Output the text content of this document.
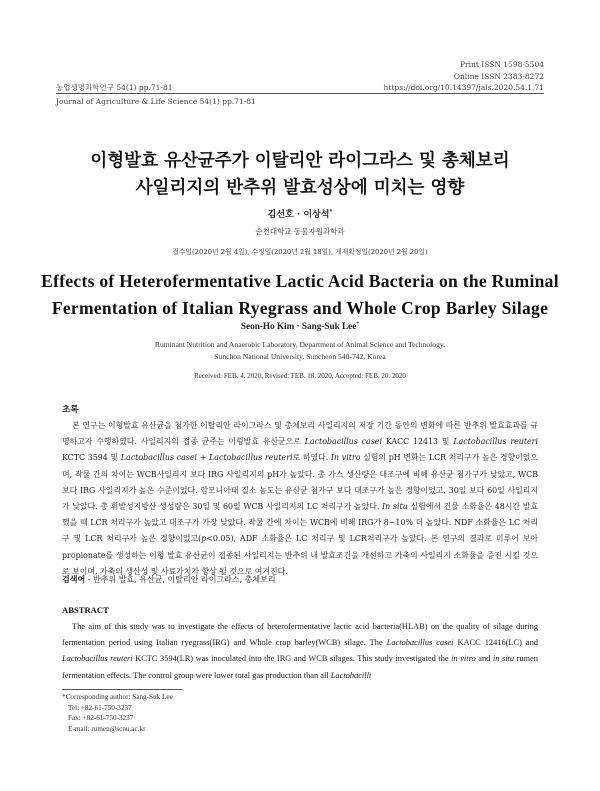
Print ISSN 1598-5504
Online ISSN 2383-8272
https://doi.org/10.14397/jals.2020.54.1.71
농업생명과학연구 54(1) pp.71-81
Journal of Agriculture & Life Science 54(1) pp.71-81
이형발효 유산균주가 이탈리안 라이그라스 및 총체보리
사일리지의 반추위 발효성상에 미치는 영향
김선호 · 이상석*
순천대학교 동물자원과학과
접수일(2020년 2월 4일), 수정일(2020년 2월 18일), 게재확정일(2020년 2월 20일)
Effects of Heterofermentative Lactic Acid Bacteria on the Ruminal
Fermentation of Italian Ryegrass and Whole Crop Barley Silage
Seon-Ho Kim · Sang-Suk Lee*
Ruminant Nutrition and Anaerobic Laboratory, Department of Animal Science and Technology,
Sunchon National University, Suncheon 540-742, Korea
Received: FEB. 4. 2020, Revised: FEB. 18. 2020, Accepted: FEB. 20. 2020
초록
본 연구는 이형발효 유산균을 첨가한 이탈리안 라이그라스 및 총체보리 사일리지의 저장 기간 동안의 변화에 따른 반추위 발효효과를 규명하고자 수행하였다. 사일리지의 접종 균주는 이형발효 유산균으로 Lactobacillus casei KACC 12413 및 Lactobacillus reuteri KCTC 3594 및 Lactobacillus casei + Lactobacillus reuteri로 하였다. In vitro 실험의 pH 변화는 LCR 처리구가 높은 경향이었으며, 작물 간의 차이는 WCB사일리지 보다 IRG 사일리지의 pH가 높았다. 총 가스 생산량은 대조구에 비해 유산균 첨가구가 낮았고, WCB 보다 IRG 사일리지가 높은 수준이었다. 암모니아태 질소 농도는 유산균 첨가구 보다 대조구가 높은 경향이었고, 30일 보다 60일 사일리지가 낮았다. 총 휘발성지방산 생성량은 30일 및 60일 WCB 사일리지의 LC 처리구가 높았다. In situ 실험에서 건물 소화율은 48시간 발효 했을 때 LCR 처리구가 높았고 대조구가 가장 낮았다. 작물 간에 차이는 WCB에 비해 IRG가 8~10% 더 높았다. NDF 소화율은 LC 처리구 및 LCR 처리구가 높은 경향이었고(p<0.05), ADF 소화율은 LC 처리구 및 LCR처리구가 높았다. 본 연구의 결과로 미루어 보아 propionate를 생성하는 이형 발효 유산균이 접종된 사일리지는 반추위 내 발효조건을 개선하고 가축의 사일리지 소화율을 증진 시킬 것으로 보이며, 가축의 생산성 및 사료가치가 향상 될 것으로 여겨진다.
검색어 - 반추위 발효, 유산균, 이탈리안 라이그라스, 총체보리
ABSTRACT
The aim of this study was to investigate the effects of heterofermentative lactic acid bacteria(HLAB) on the quality of silage during fermentation period using Italian ryegrass(IRG) and Whole crop barley(WCB) silage. The Lactobacillus casei KACC 12416(LC) and Lactobacillus reuteri KCTC 3594(LR) was inoculated into the IRG and WCB silages. This study investigated the in vitro and in situ rumen fermentation effects. The control group were lower total gas production than all Lactobacilli
*Corresponding author: Sang-Suk Lee
Tel: +82-61-750-3237
Fax: +82-61-750-3237
E-mail: rumen@scnu.ac.kr
